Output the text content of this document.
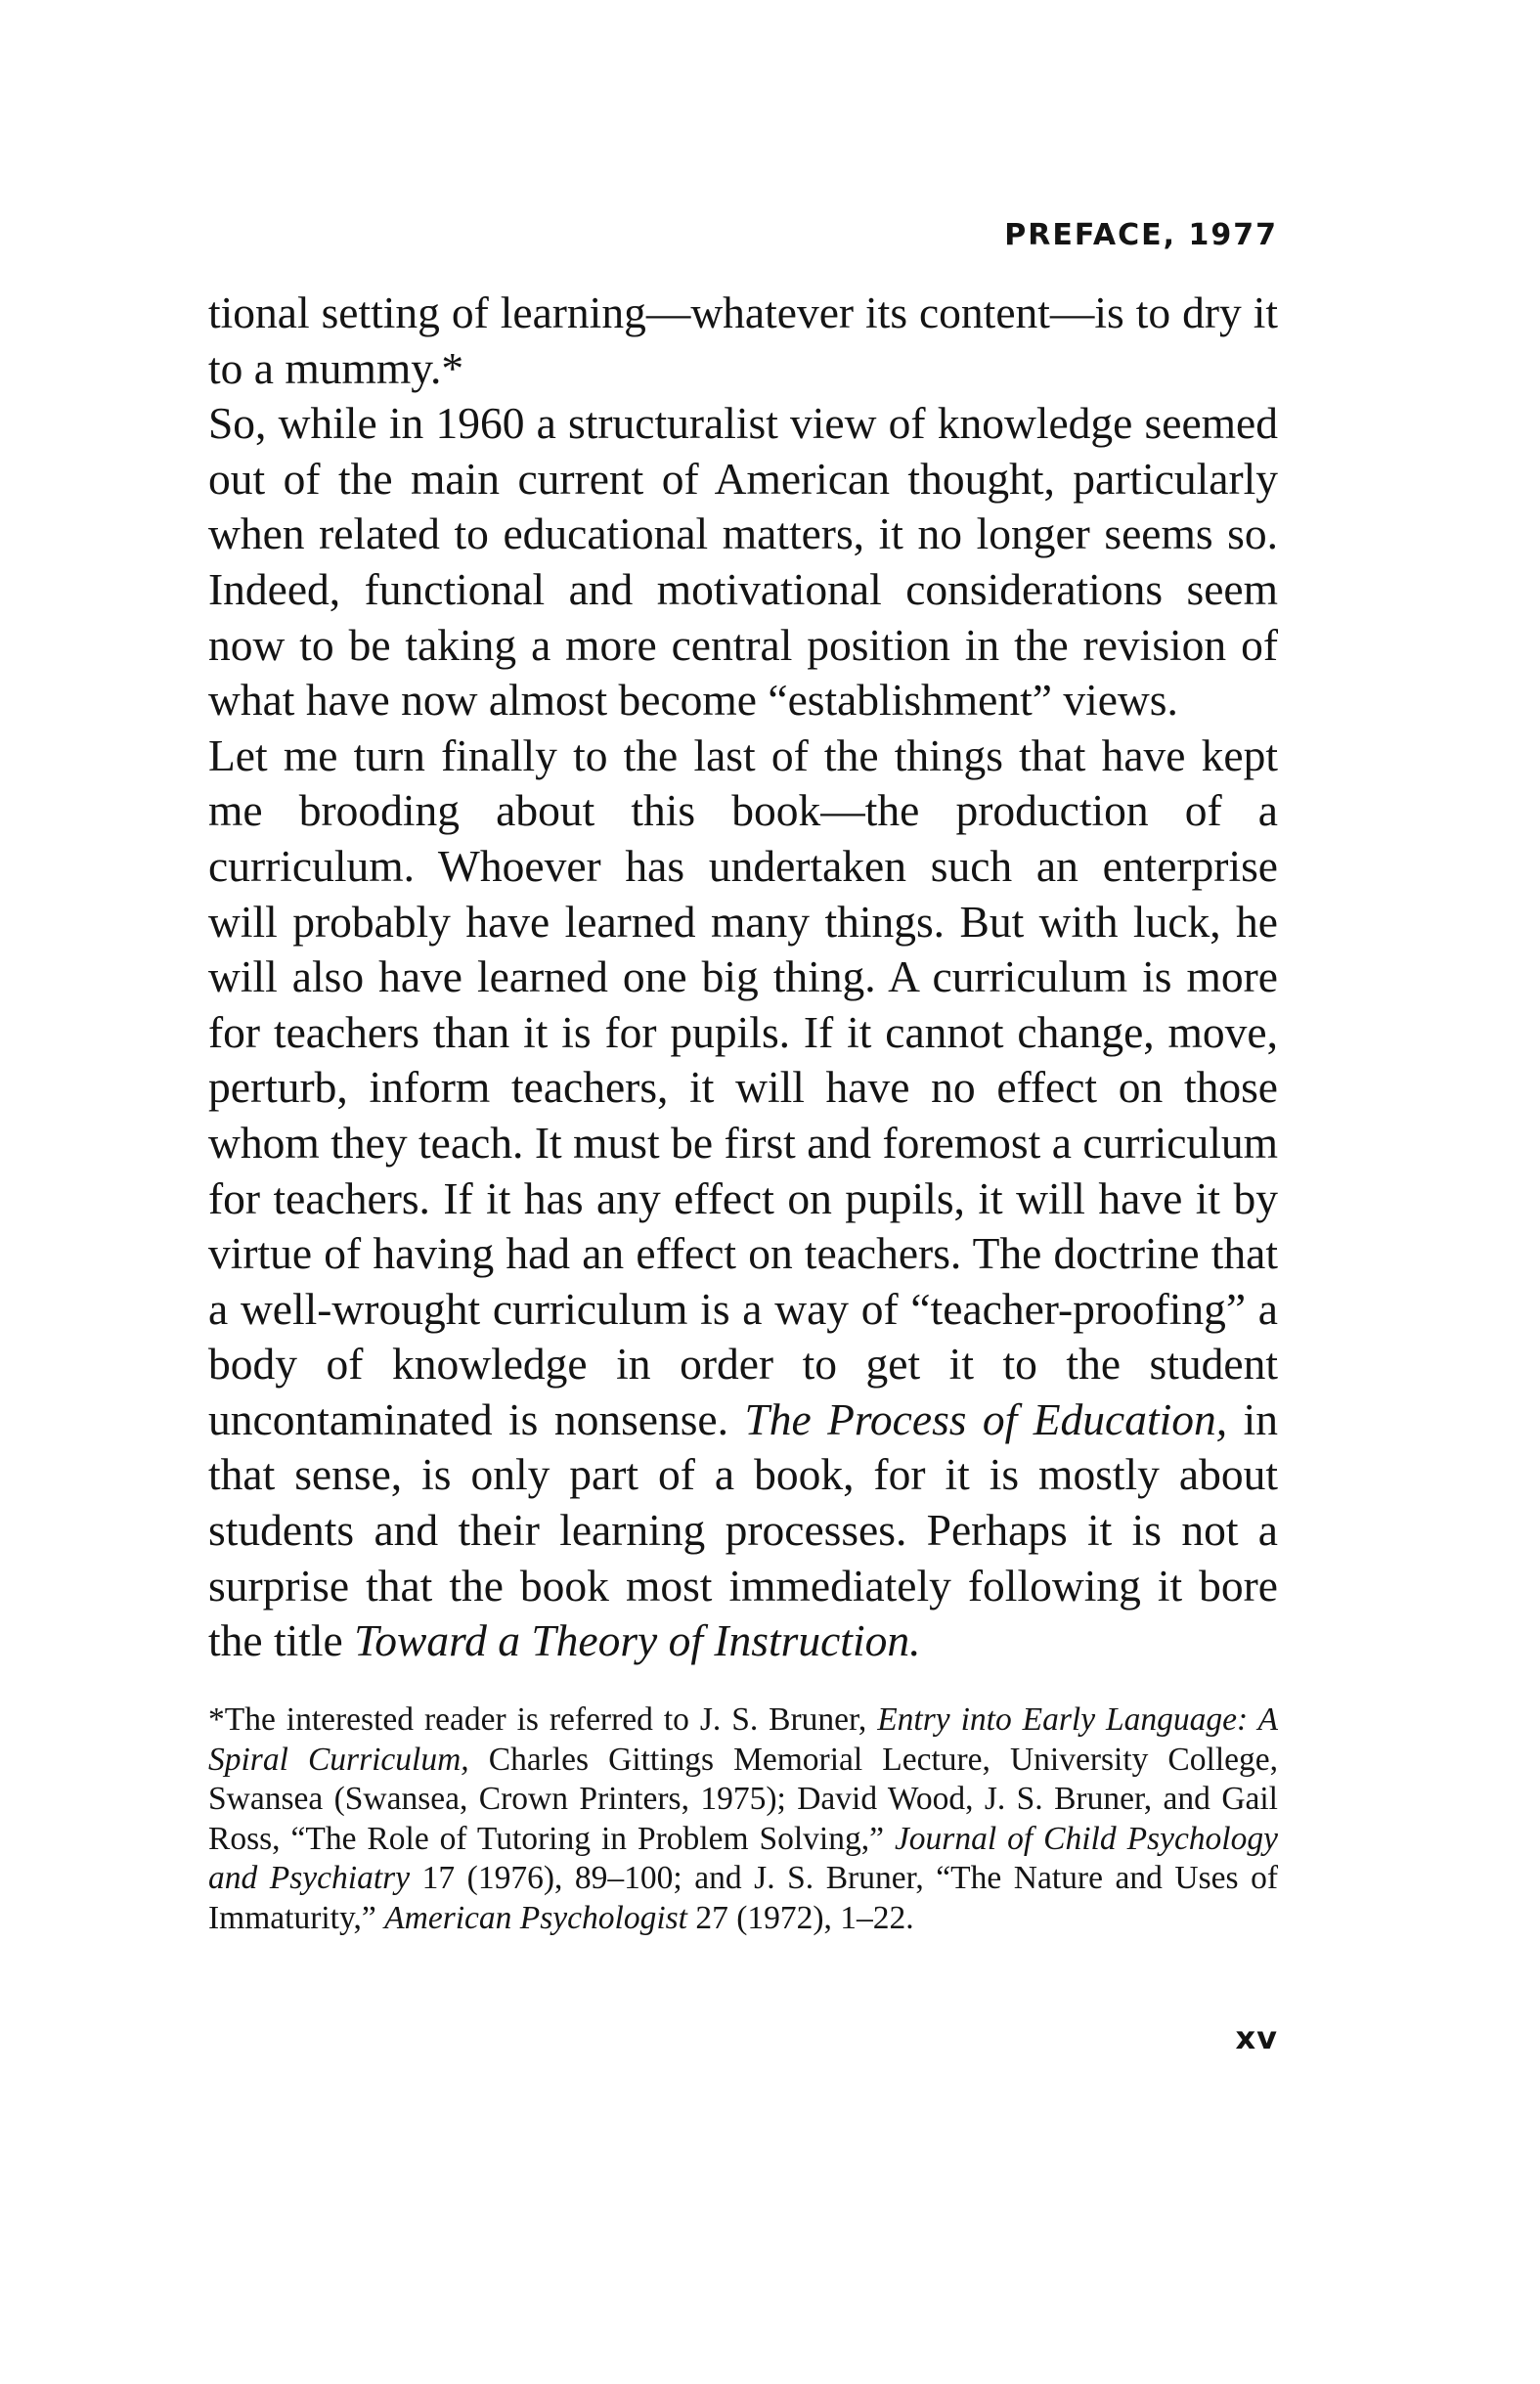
PREFACE, 1977

tional setting of learning—whatever its content—is to dry it to a mummy.*

So, while in 1960 a structuralist view of knowledge seemed out of the main current of American thought, particularly when related to educational matters, it no longer seems so. Indeed, functional and motivational considerations seem now to be taking a more central position in the revision of what have now almost become “establishment” views.

Let me turn finally to the last of the things that have kept me brooding about this book—the production of a curriculum. Whoever has undertaken such an enterprise will probably have learned many things. But with luck, he will also have learned one big thing. A curriculum is more for teachers than it is for pupils. If it cannot change, move, perturb, inform teachers, it will have no effect on those whom they teach. It must be first and foremost a curriculum for teachers. If it has any effect on pupils, it will have it by virtue of having had an effect on teachers. The doctrine that a well-wrought curriculum is a way of “teacher-proofing” a body of knowledge in order to get it to the student uncontaminated is nonsense. The Process of Education, in that sense, is only part of a book, for it is mostly about students and their learning processes. Perhaps it is not a surprise that the book most immediately following it bore the title Toward a Theory of Instruction.

*The interested reader is referred to J. S. Bruner, Entry into Early Language: A Spiral Curriculum, Charles Gittings Memorial Lecture, University College, Swansea (Swansea, Crown Printers, 1975); David Wood, J. S. Bruner, and Gail Ross, “The Role of Tutoring in Problem Solving,” Journal of Child Psychology and Psychiatry 17 (1976), 89–100; and J. S. Bruner, “The Nature and Uses of Immaturity,” American Psychologist 27 (1972), 1–22.

xv
